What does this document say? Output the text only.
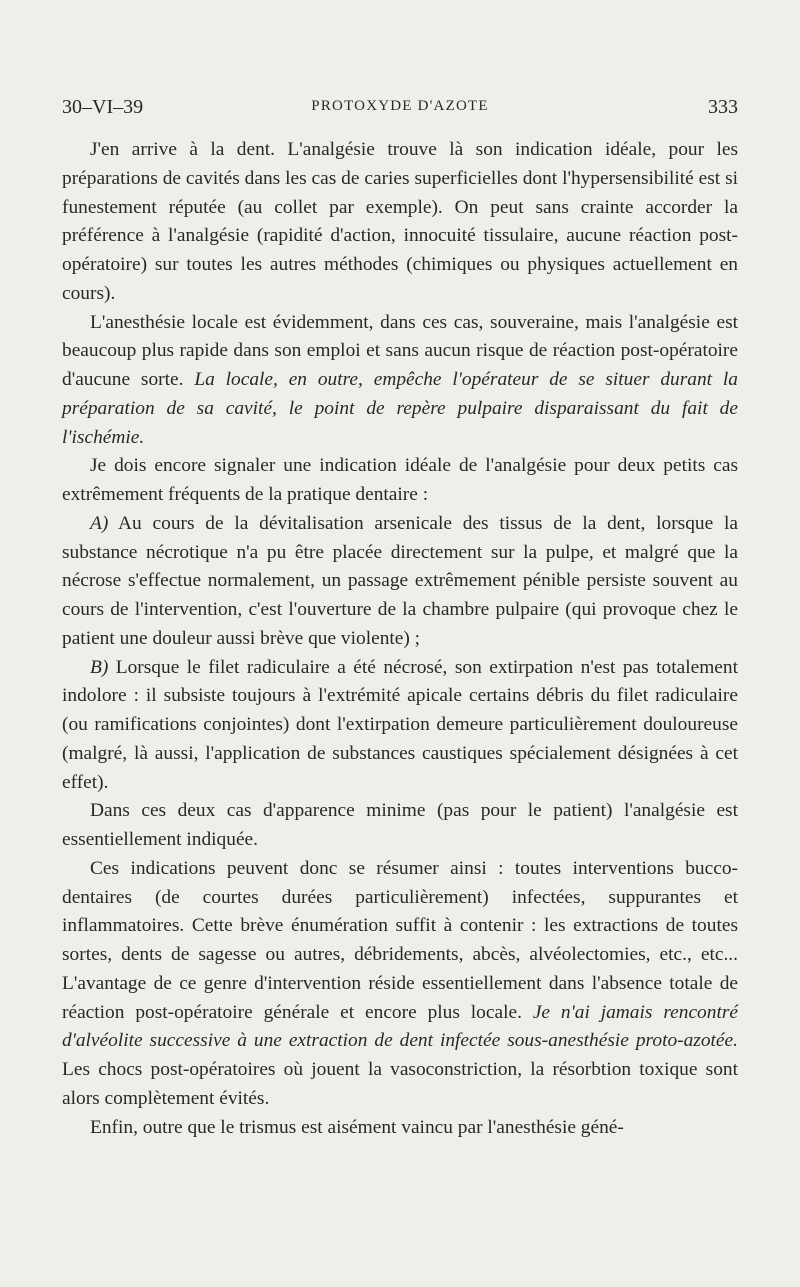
30–VI–39	PROTOXYDE D'AZOTE	333

J'en arrive à la dent. L'analgésie trouve là son indication idéale, pour les préparations de cavités dans les cas de caries superficielles dont l'hypersensibilité est si funestement réputée (au collet par exemple). On peut sans crainte accorder la préférence à l'analgésie (rapidité d'action, innocuité tissulaire, aucune réaction post-opératoire) sur toutes les autres méthodes (chimiques ou physiques actuellement en cours).

L'anesthésie locale est évidemment, dans ces cas, souveraine, mais l'analgésie est beaucoup plus rapide dans son emploi et sans aucun risque de réaction post-opératoire d'aucune sorte. La locale, en outre, empêche l'opérateur de se situer durant la préparation de sa cavité, le point de repère pulpaire disparaissant du fait de l'ischémie.

Je dois encore signaler une indication idéale de l'analgésie pour deux petits cas extrêmement fréquents de la pratique dentaire :

A) Au cours de la dévitalisation arsenicale des tissus de la dent, lorsque la substance nécrotique n'a pu être placée directement sur la pulpe, et malgré que la nécrose s'effectue normalement, un passage extrêmement pénible persiste souvent au cours de l'intervention, c'est l'ouverture de la chambre pulpaire (qui provoque chez le patient une douleur aussi brève que violente) ;

B) Lorsque le filet radiculaire a été nécrosé, son extirpation n'est pas totalement indolore : il subsiste toujours à l'extrémité apicale certains débris du filet radiculaire (ou ramifications conjointes) dont l'extirpation demeure particulièrement douloureuse (malgré, là aussi, l'application de substances caustiques spécialement désignées à cet effet).

Dans ces deux cas d'apparence minime (pas pour le patient) l'analgésie est essentiellement indiquée.

Ces indications peuvent donc se résumer ainsi : toutes interventions bucco-dentaires (de courtes durées particulièrement) infectées, suppurantes et inflammatoires. Cette brève énumération suffit à contenir : les extractions de toutes sortes, dents de sagesse ou autres, débridements, abcès, alvéolectomies, etc., etc... L'avantage de ce genre d'intervention réside essentiellement dans l'absence totale de réaction post-opératoire générale et encore plus locale. Je n'ai jamais rencontré d'alvéolite successive à une extraction de dent infectée sous-anesthésie proto-azotée. Les chocs post-opératoires où jouent la vasoconstriction, la résorbtion toxique sont alors complètement évités.

Enfin, outre que le trismus est aisément vaincu par l'anesthésie géné-
